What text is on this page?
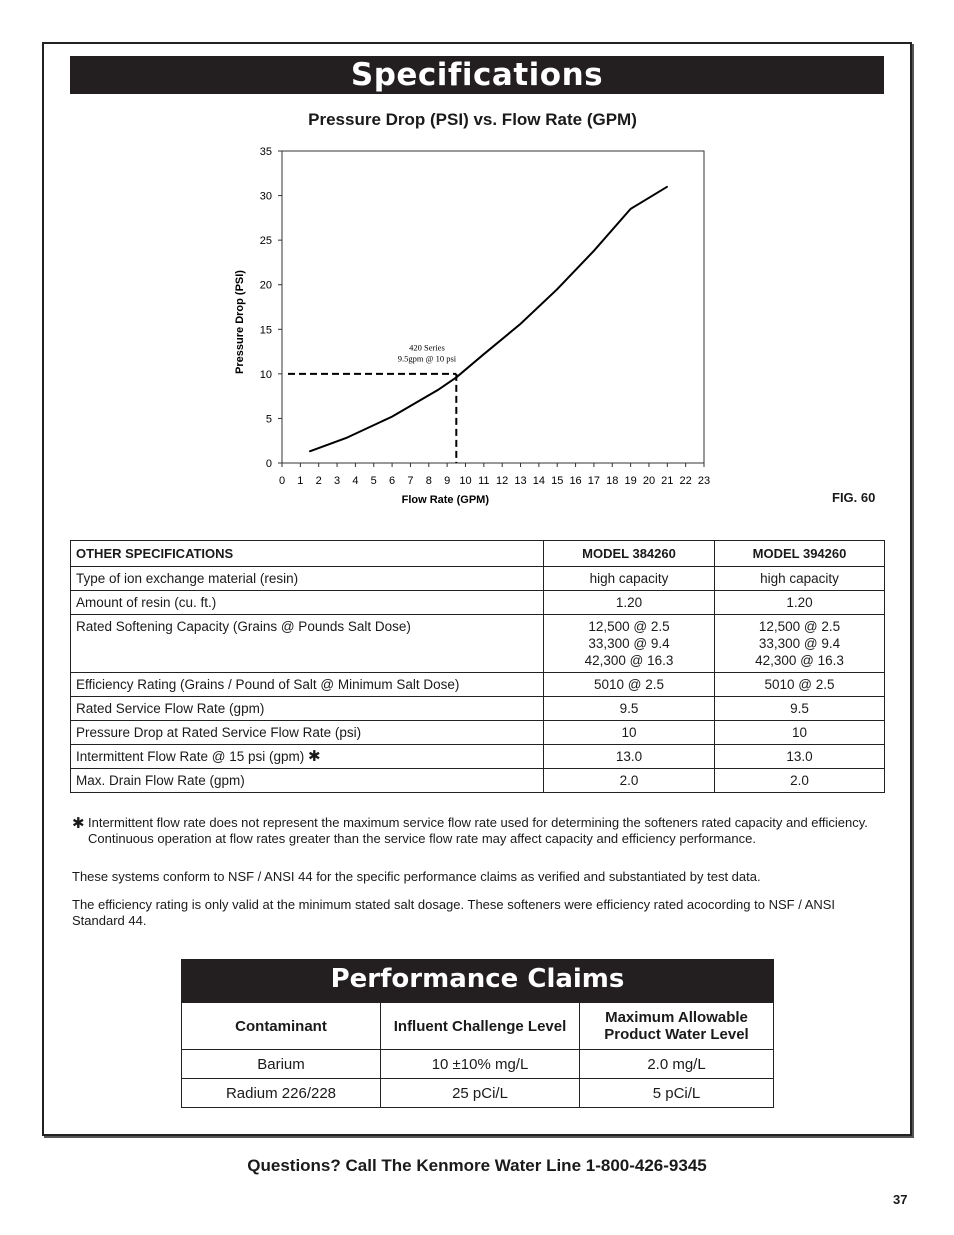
Specifications
Pressure Drop (PSI) vs. Flow Rate (GPM)
0
5
10
15
20
25
30
35
0 1 2 3 4 5 6 7 8 9 10 11 12 13 14 15 16 17 18 19 20 21 22 23
Flow Rate (GPM)
Pressure Drop (PSI)	420 Series
9.5gpm @ 10 psi
FIG. 60
OTHER SPECIFICATIONS	MODEL 384260	MODEL 394260
Type of ion exchange material (resin)	high capacity	high capacity
Amount of resin (cu. ft.)	1.20	1.20
Rated Softening Capacity (Grains @ Pounds Salt Dose)	12,500 @ 2.5
33,300 @ 9.4
42,300 @ 16.3	12,500 @ 2.5
33,300 @ 9.4
42,300 @ 16.3
Efficiency Rating (Grains / Pound of Salt @ Minimum Salt Dose)	5010 @ 2.5	5010 @ 2.5
Rated Service Flow Rate (gpm)	9.5	9.5
Pressure Drop at Rated Service Flow Rate (psi)	10	10
Intermittent Flow Rate @ 15 psi (gpm) ✱	13.0	13.0
Max. Drain Flow Rate (gpm)	2.0	2.0
✱ Intermittent flow rate does not represent the maximum service flow rate used for determining the softeners rated capacity and efficiency. Continuous operation at flow rates greater than the service flow rate may affect capacity and efficiency performance.
These systems conform to NSF / ANSI 44 for the specific performance claims as verified and substantiated by test data.
The efficiency rating is only valid at the minimum stated salt dosage. These softeners were efficiency rated acocording to NSF / ANSI Standard 44.
Performance Claims
Contaminant	Influent Challenge Level	Maximum Allowable Product Water Level
Barium	10 ±10% mg/L	2.0 mg/L
Radium 226/228	25 pCi/L	5 pCi/L
Questions? Call The Kenmore Water Line 1-800-426-9345
37
